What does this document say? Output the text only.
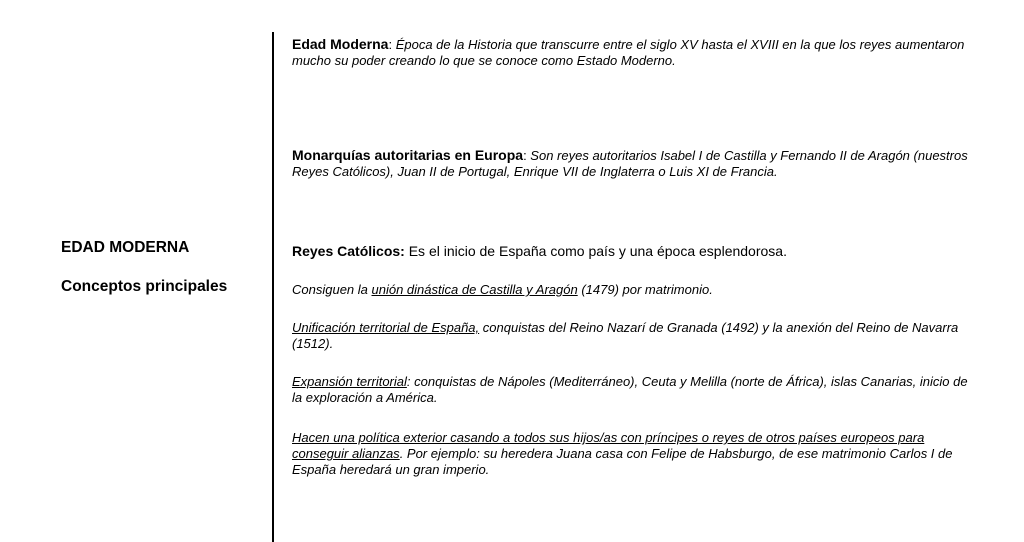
EDAD MODERNA
Conceptos principales
Edad Moderna: Época de la Historia que transcurre entre el siglo XV hasta el XVIII en la que los reyes aumentaron mucho su poder creando lo que se conoce como Estado Moderno.
Monarquías autoritarias en Europa: Son reyes autoritarios Isabel I de Castilla y Fernando II de Aragón (nuestros Reyes Católicos), Juan II de Portugal, Enrique VII de Inglaterra o Luis XI de Francia.
Reyes Católicos: Es el inicio de España como país y una época esplendorosa.
Consiguen la unión dinástica de Castilla y Aragón (1479) por matrimonio.
Unificación territorial de España, conquistas del Reino Nazarí de Granada (1492) y la anexión del Reino de Navarra (1512).
Expansión territorial: conquistas de Nápoles (Mediterráneo), Ceuta y Melilla (norte de África), islas Canarias, inicio de la exploración a América.
Hacen una política exterior casando a todos sus hijos/as con príncipes o reyes de otros países europeos para conseguir alianzas. Por ejemplo: su heredera Juana casa con Felipe de Habsburgo, de ese matrimonio Carlos I de España heredará un gran imperio.
